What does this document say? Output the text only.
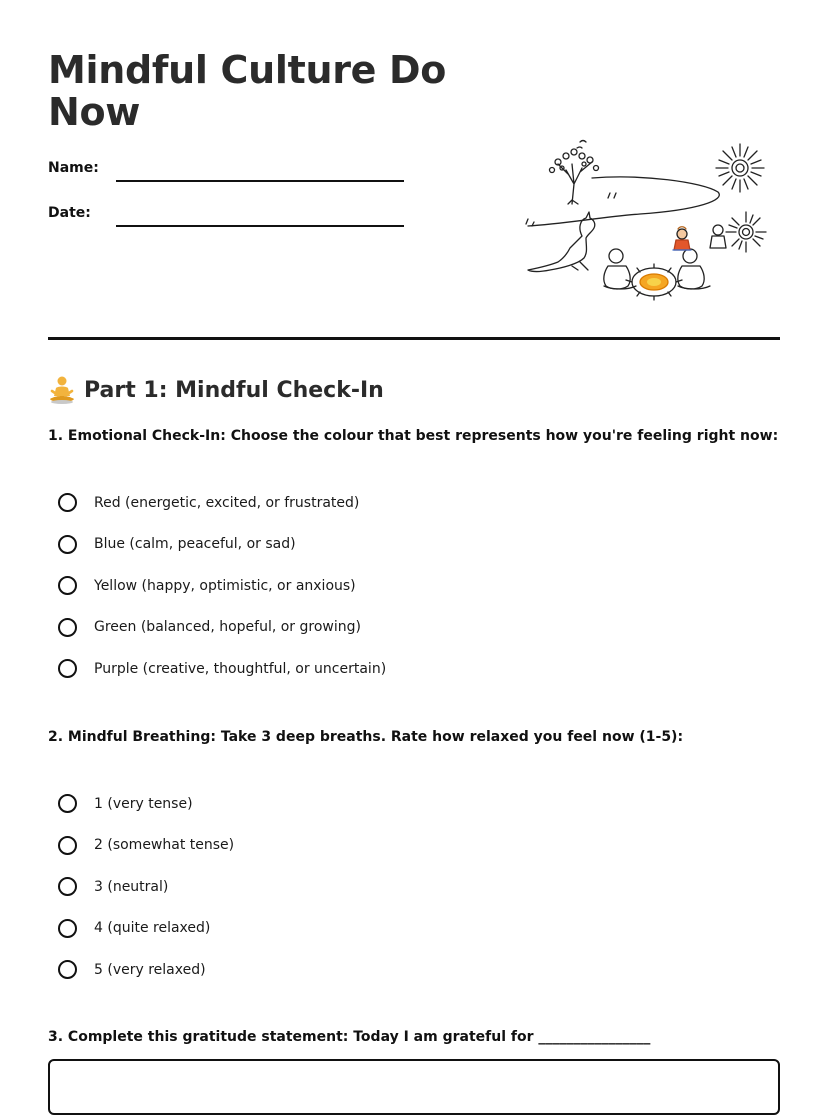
Mindful Culture Do Now
Name:
Date:
Part 1: Mindful Check-In
1. Emotional Check-In: Choose the colour that best represents how you're feeling right now:
Red (energetic, excited, or frustrated)
Blue (calm, peaceful, or sad)
Yellow (happy, optimistic, or anxious)
Green (balanced, hopeful, or growing)
Purple (creative, thoughtful, or uncertain)
2. Mindful Breathing: Take 3 deep breaths. Rate how relaxed you feel now (1-5):
1 (very tense)
2 (somewhat tense)
3 (neutral)
4 (quite relaxed)
5 (very relaxed)
3. Complete this gratitude statement: Today I am grateful for ________________
